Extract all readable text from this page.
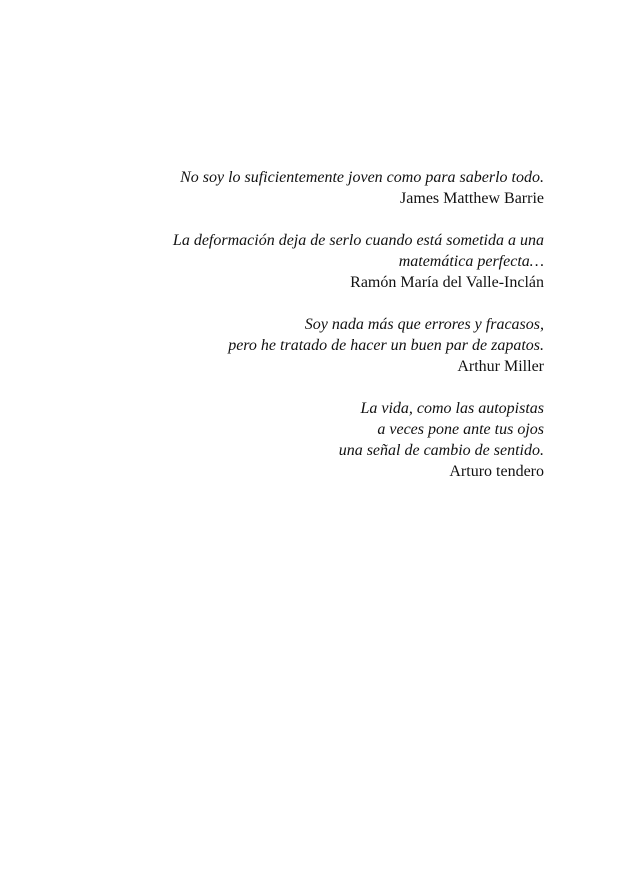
No soy lo suficientemente joven como para saberlo todo.
James Matthew Barrie
La deformación deja de serlo cuando está sometida a una
matemática perfecta…
Ramón María del Valle-Inclán
Soy nada más que errores y fracasos,
pero he tratado de hacer un buen par de zapatos.
Arthur Miller
La vida, como las autopistas
a veces pone ante tus ojos
una señal de cambio de sentido.
Arturo tendero
